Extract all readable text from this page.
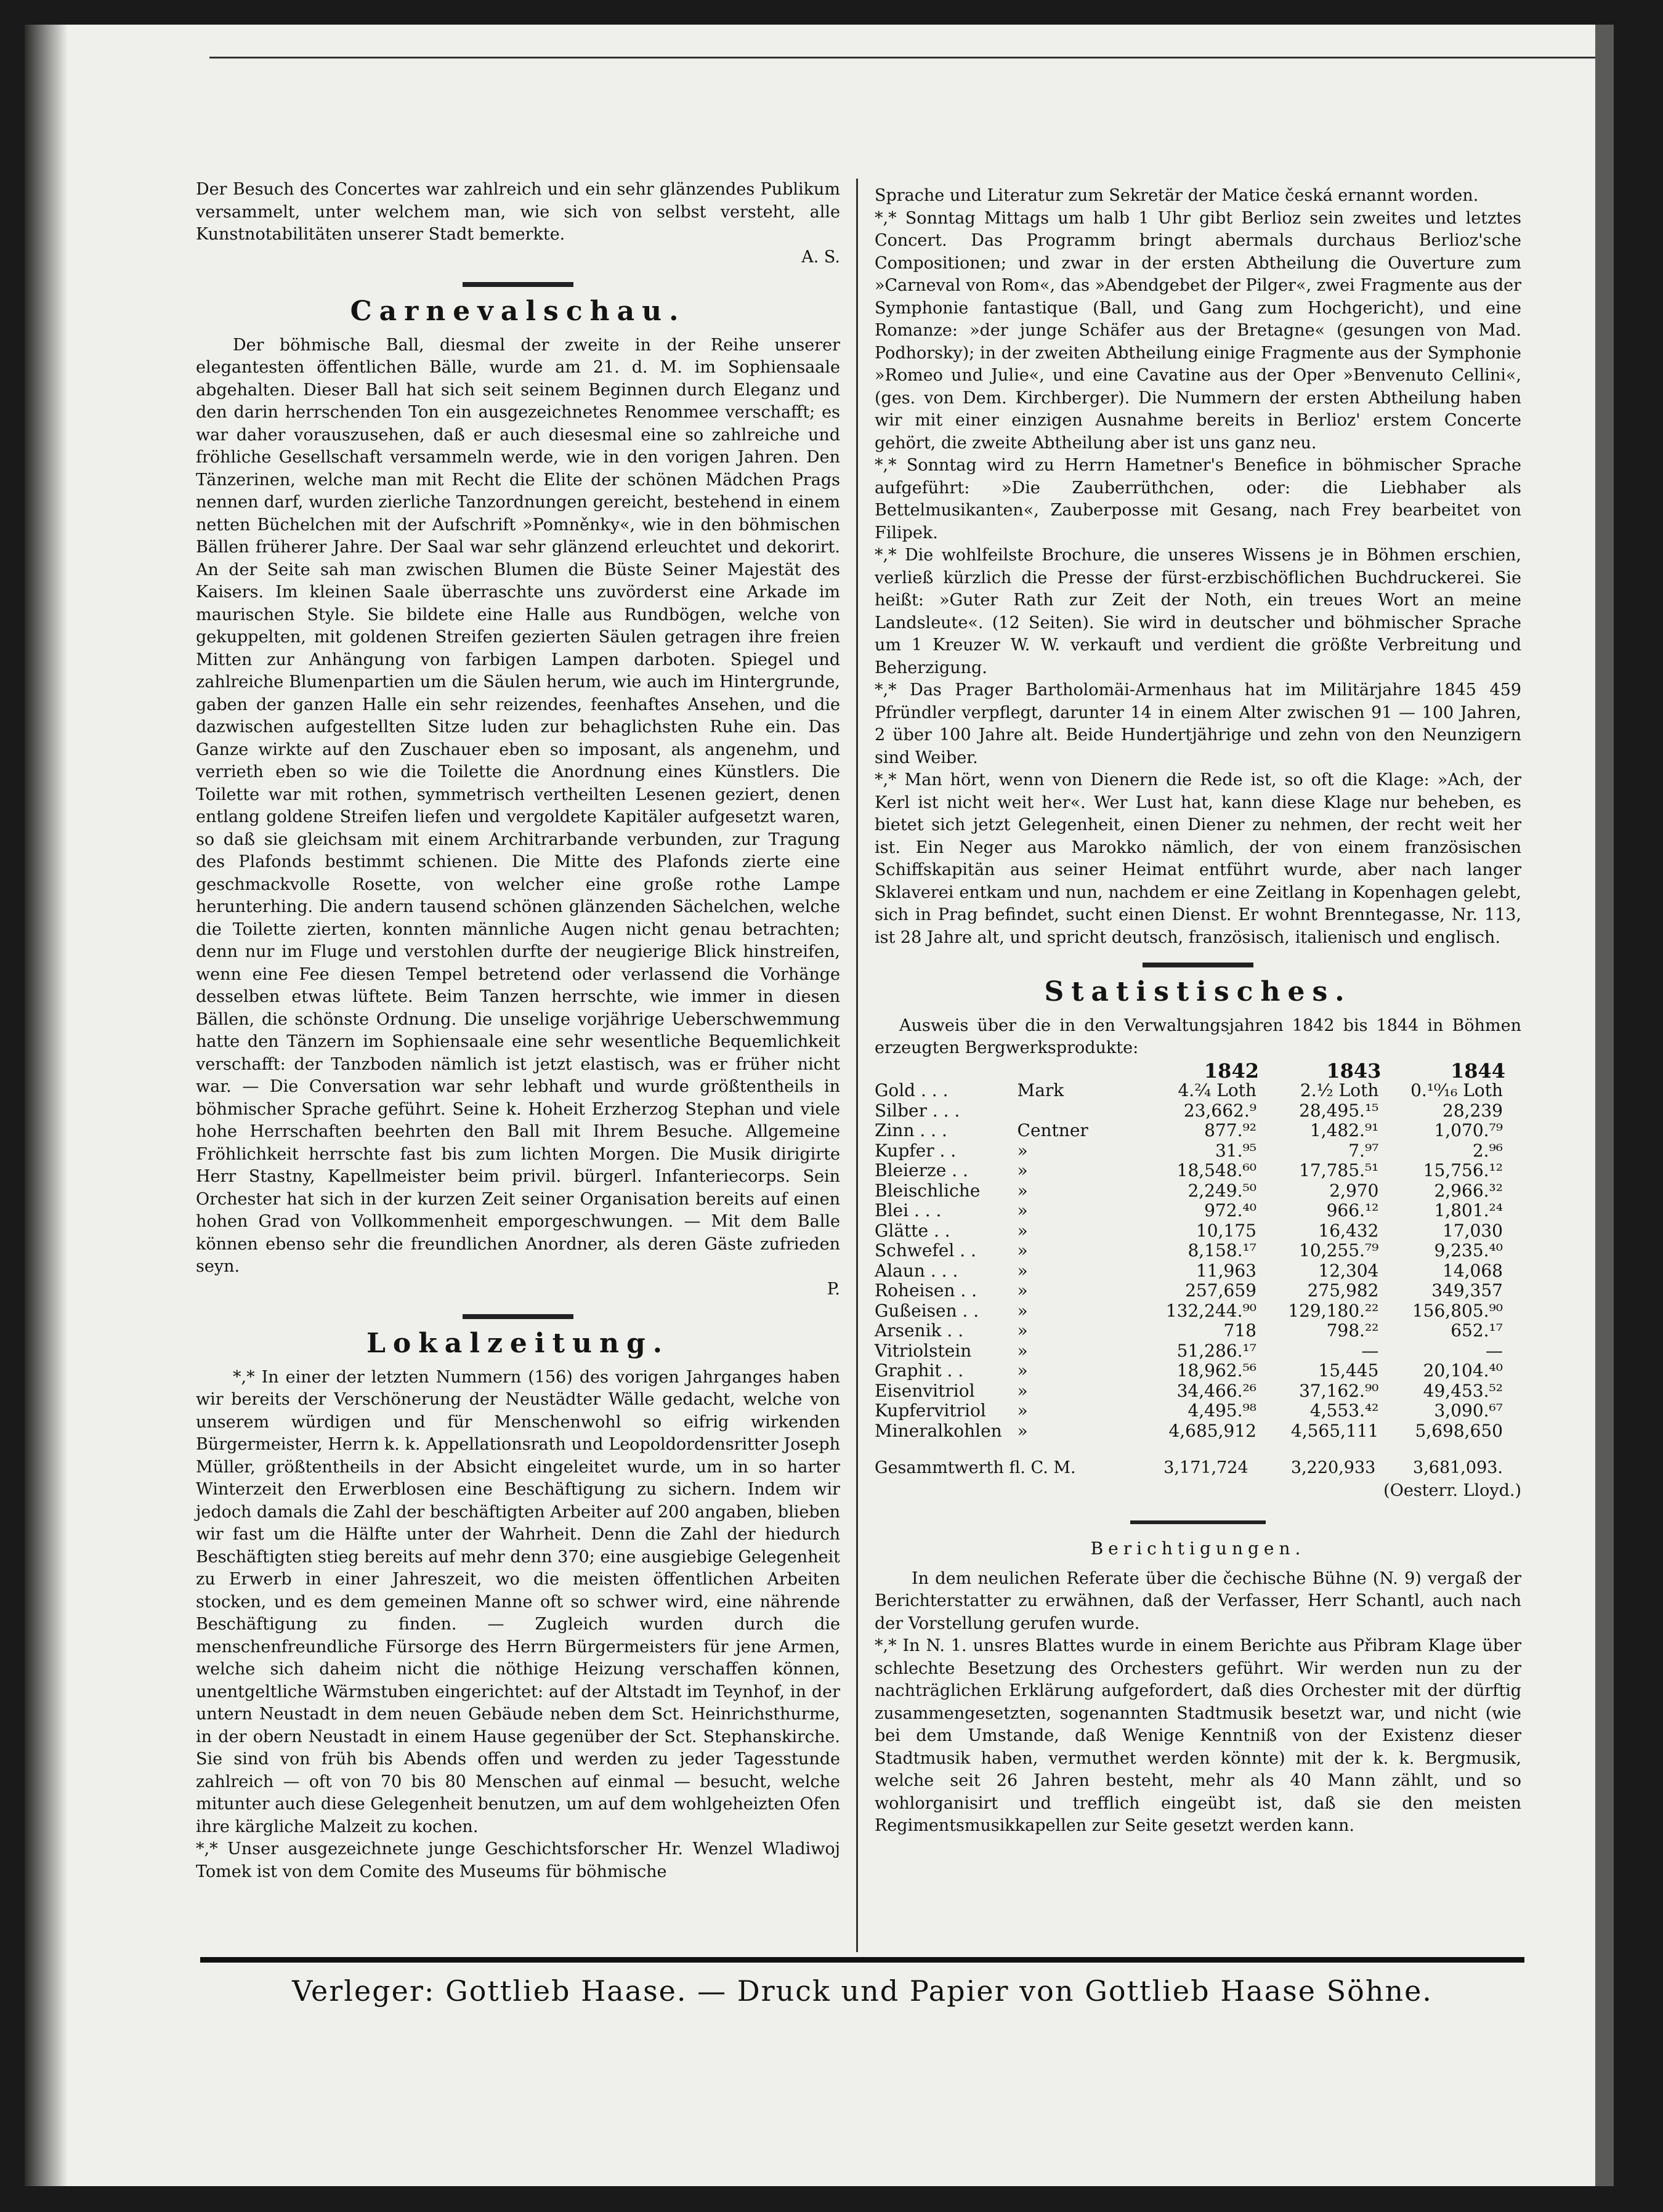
Der Besuch des Concertes war zahlreich und ein sehr glänzendes Publikum versammelt, unter welchem man, wie sich von selbst versteht, alle Kunstnotabilitäten unserer Stadt bemerkte.

A. S.

Carnevalschau.

Der böhmische Ball, diesmal der zweite in der Reihe unserer elegantesten öffentlichen Bälle, wurde am 21. d. M. im Sophiensaale abgehalten. Dieser Ball hat sich seit seinem Beginnen durch Eleganz und den darin herrschenden Ton ein ausgezeichnetes Renommee verschafft; es war daher vorauszusehen, daß er auch diesesmal eine so zahlreiche und fröhliche Gesellschaft versammeln werde, wie in den vorigen Jahren. Den Tänzerinen, welche man mit Recht die Elite der schönen Mädchen Prags nennen darf, wurden zierliche Tanzordnungen gereicht, bestehend in einem netten Büchelchen mit der Aufschrift »Pomněnky«, wie in den böhmischen Bällen früherer Jahre. Der Saal war sehr glänzend erleuchtet und dekorirt. An der Seite sah man zwischen Blumen die Büste Seiner Majestät des Kaisers. Im kleinen Saale überraschte uns zuvörderst eine Arkade im maurischen Style. Sie bildete eine Halle aus Rundbögen, welche von gekuppelten, mit goldenen Streifen gezierten Säulen getragen ihre freien Mitten zur Anhängung von farbigen Lampen darboten. Spiegel und zahlreiche Blumenpartien um die Säulen herum, wie auch im Hintergrunde, gaben der ganzen Halle ein sehr reizendes, feenhaftes Ansehen, und die dazwischen aufgestellten Sitze luden zur behaglichsten Ruhe ein. Das Ganze wirkte auf den Zuschauer eben so imposant, als angenehm, und verrieth eben so wie die Toilette die Anordnung eines Künstlers. Die Toilette war mit rothen, symmetrisch vertheilten Lesenen geziert, denen entlang goldene Streifen liefen und vergoldete Kapitäler aufgesetzt waren, so daß sie gleichsam mit einem Architrarbande verbunden, zur Tragung des Plafonds bestimmt schienen. Die Mitte des Plafonds zierte eine geschmackvolle Rosette, von welcher eine große rothe Lampe herunterhing. Die andern tausend schönen glänzenden Sächelchen, welche die Toilette zierten, konnten männliche Augen nicht genau betrachten; denn nur im Fluge und verstohlen durfte der neugierige Blick hinstreifen, wenn eine Fee diesen Tempel betretend oder verlassend die Vorhänge desselben etwas lüftete. Beim Tanzen herrschte, wie immer in diesen Bällen, die schönste Ordnung. Die unselige vorjährige Ueberschwemmung hatte den Tänzern im Sophiensaale eine sehr wesentliche Bequemlichkeit verschafft: der Tanzboden nämlich ist jetzt elastisch, was er früher nicht war. — Die Conversation war sehr lebhaft und wurde größtentheils in böhmischer Sprache geführt. Seine k. Hoheit Erzherzog Stephan und viele hohe Herrschaften beehrten den Ball mit Ihrem Besuche. Allgemeine Fröhlichkeit herrschte fast bis zum lichten Morgen. Die Musik dirigirte Herr Stastny, Kapellmeister beim privil. bürgerl. Infanteriecorps. Sein Orchester hat sich in der kurzen Zeit seiner Organisation bereits auf einen hohen Grad von Vollkommenheit emporgeschwungen. — Mit dem Balle können ebenso sehr die freundlichen Anordner, als deren Gäste zufrieden seyn.

P.

Lokalzeitung.

*,* In einer der letzten Nummern (156) des vorigen Jahrganges haben wir bereits der Verschönerung der Neustädter Wälle gedacht, welche von unserem würdigen und für Menschenwohl so eifrig wirkenden Bürgermeister, Herrn k. k. Appellationsrath und Leopoldordensritter Joseph Müller, größtentheils in der Absicht eingeleitet wurde, um in so harter Winterzeit den Erwerblosen eine Beschäftigung zu sichern. Indem wir jedoch damals die Zahl der beschäftigten Arbeiter auf 200 angaben, blieben wir fast um die Hälfte unter der Wahrheit. Denn die Zahl der hiedurch Beschäftigten stieg bereits auf mehr denn 370; eine ausgiebige Gelegenheit zu Erwerb in einer Jahreszeit, wo die meisten öffentlichen Arbeiten stocken, und es dem gemeinen Manne oft so schwer wird, eine nährende Beschäftigung zu finden. — Zugleich wurden durch die menschenfreundliche Fürsorge des Herrn Bürgermeisters für jene Armen, welche sich daheim nicht die nöthige Heizung verschaffen können, unentgeltliche Wärmstuben eingerichtet: auf der Altstadt im Teynhof, in der untern Neustadt in dem neuen Gebäude neben dem Sct. Heinrichsthurme, in der obern Neustadt in einem Hause gegenüber der Sct. Stephanskirche. Sie sind von früh bis Abends offen und werden zu jeder Tagesstunde zahlreich — oft von 70 bis 80 Menschen auf einmal — besucht, welche mitunter auch diese Gelegenheit benutzen, um auf dem wohlgeheizten Ofen ihre kärgliche Malzeit zu kochen.

*,* Unser ausgezeichnete junge Geschichtsforscher Hr. Wenzel Wladiwoj Tomek ist von dem Comite des Museums für böhmische

Sprache und Literatur zum Sekretär der Matice česká ernannt worden.

*,* Sonntag Mittags um halb 1 Uhr gibt Berlioz sein zweites und letztes Concert. Das Programm bringt abermals durchaus Berlioz'sche Compositionen; und zwar in der ersten Abtheilung die Ouverture zum »Carneval von Rom«, das »Abendgebet der Pilger«, zwei Fragmente aus der Symphonie fantastique (Ball, und Gang zum Hochgericht), und eine Romanze: »der junge Schäfer aus der Bretagne« (gesungen von Mad. Podhorsky); in der zweiten Abtheilung einige Fragmente aus der Symphonie »Romeo und Julie«, und eine Cavatine aus der Oper »Benvenuto Cellini«, (ges. von Dem. Kirchberger). Die Nummern der ersten Abtheilung haben wir mit einer einzigen Ausnahme bereits in Berlioz' erstem Concerte gehört, die zweite Abtheilung aber ist uns ganz neu.

*,* Sonntag wird zu Herrn Hametner's Benefice in böhmischer Sprache aufgeführt: »Die Zauberrüthchen, oder: die Liebhaber als Bettelmusikanten«, Zauberposse mit Gesang, nach Frey bearbeitet von Filipek.

*,* Die wohlfeilste Brochure, die unseres Wissens je in Böhmen erschien, verließ kürzlich die Presse der fürst-erzbischöflichen Buchdruckerei. Sie heißt: »Guter Rath zur Zeit der Noth, ein treues Wort an meine Landsleute«. (12 Seiten). Sie wird in deutscher und böhmischer Sprache um 1 Kreuzer W. W. verkauft und verdient die größte Verbreitung und Beherzigung.

*,* Das Prager Bartholomäi-Armenhaus hat im Militärjahre 1845 459 Pfründler verpflegt, darunter 14 in einem Alter zwischen 91 — 100 Jahren, 2 über 100 Jahre alt. Beide Hundertjährige und zehn von den Neunzigern sind Weiber.

*,* Man hört, wenn von Dienern die Rede ist, so oft die Klage: »Ach, der Kerl ist nicht weit her«. Wer Lust hat, kann diese Klage nur beheben, es bietet sich jetzt Gelegenheit, einen Diener zu nehmen, der recht weit her ist. Ein Neger aus Marokko nämlich, der von einem französischen Schiffskapitän aus seiner Heimat entführt wurde, aber nach langer Sklaverei entkam und nun, nachdem er eine Zeitlang in Kopenhagen gelebt, sich in Prag befindet, sucht einen Dienst. Er wohnt Brenntegasse, Nr. 113, ist 28 Jahre alt, und spricht deutsch, französisch, italienisch und englisch.

Statistisches.

Ausweis über die in den Verwaltungsjahren 1842 bis 1844 in Böhmen erzeugten Bergwerksprodukte:

		1842	1843	1844
Gold . . .	Mark	4.²⁄₄ Loth	2.¹⁄₂ Loth	0.¹⁰⁄₁₆ Loth
Silber . . .		23,662.⁹	28,495.¹⁵	28,239
Zinn . . .	Centner	877.⁹²	1,482.⁹¹	1,070.⁷⁹
Kupfer . .	»	31.⁹⁵	7.⁹⁷	2.⁹⁶
Bleierze . .	»	18,548.⁶⁰	17,785.⁵¹	15,756.¹²
Bleischliche	»	2,249.⁵⁰	2,970	2,966.³²
Blei . . .	»	972.⁴⁰	966.¹²	1,801.²⁴
Glätte . .	»	10,175	16,432	17,030
Schwefel . .	»	8,158.¹⁷	10,255.⁷⁹	9,235.⁴⁰
Alaun . . .	»	11,963	12,304	14,068
Roheisen . .	»	257,659	275,982	349,357
Gußeisen . .	»	132,244.⁹⁰	129,180.²²	156,805.⁹⁰
Arsenik . .	»	718	798.²²	652.¹⁷
Vitriolstein	»	51,286.¹⁷	—	—
Graphit . .	»	18,962.⁵⁶	15,445	20,104.⁴⁰
Eisenvitriol	»	34,466.²⁶	37,162.⁹⁰	49,453.⁵²
Kupfervitriol	»	4,495.⁹⁸	4,553.⁴²	3,090.⁶⁷
Mineralkohlen	»	4,685,912	4,565,111	5,698,650
Gesammtwerth fl. C. M.	3,171,724	3,220,933	3,681,093.
(Oesterr. Lloyd.)
Berichtigungen.

In dem neulichen Referate über die čechische Bühne (N. 9) vergaß der Berichterstatter zu erwähnen, daß der Verfasser, Herr Schantl, auch nach der Vorstellung gerufen wurde.

*,* In N. 1. unsres Blattes wurde in einem Berichte aus Přibram Klage über schlechte Besetzung des Orchesters geführt. Wir werden nun zu der nachträglichen Erklärung aufgefordert, daß dies Orchester mit der dürftig zusammengesetzten, sogenannten Stadtmusik besetzt war, und nicht (wie bei dem Umstande, daß Wenige Kenntniß von der Existenz dieser Stadtmusik haben, vermuthet werden könnte) mit der k. k. Bergmusik, welche seit 26 Jahren besteht, mehr als 40 Mann zählt, und so wohlorganisirt und trefflich eingeübt ist, daß sie den meisten Regimentsmusikkapellen zur Seite gesetzt werden kann.

Verleger: Gottlieb Haase. — Druck und Papier von Gottlieb Haase Söhne.
